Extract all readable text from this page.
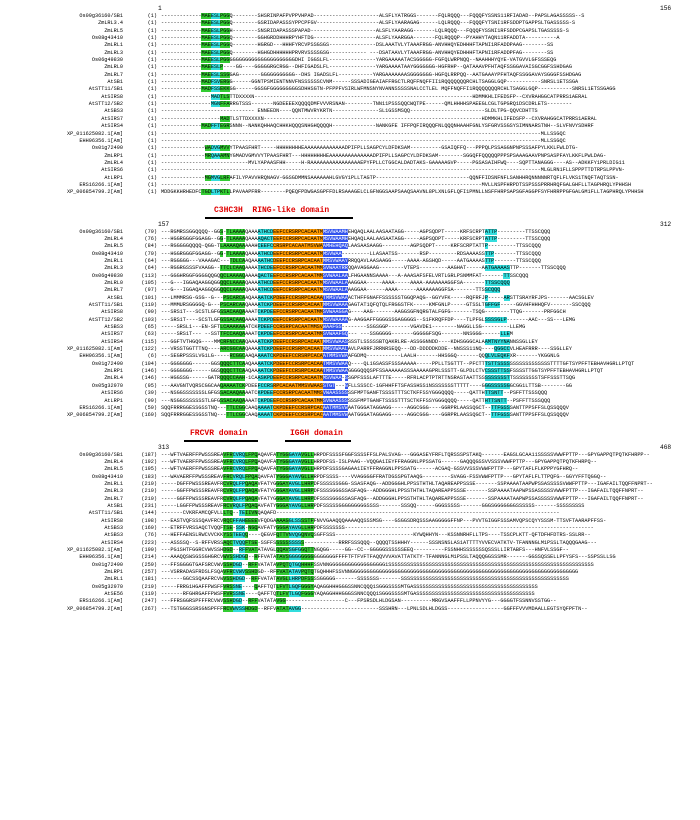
1	156
Os09g36160/SB1	(1) -------------MAEESLPGGQ--------SHSRINPAFPVPPVHPAD---------------------ALSFLYATRGGS-------FQLRQQQ---FQQQFYSSNS11RFIADAD--PAPSLAGASSSSS--S
ZmLRL3.4	(1) -------------MAEESLPGGQ--------GSRIDAPASSSYPPCPFGV--------------------ALSFLYAARAGAG------LQLRQQQ---FQQQFYTSNI1RFSDDPTGAPPSLTGASSSSS-S
ZmLRL5	(1) -------------MAEESLPGGH--------SNSRIDAPASSSPAPAD---------------------ALSFLYAARAGG-------LQLRQQQ---FQQQFYSSNI1RFSDDPCGAPSLTGASSSSS-S
Os08g43410	(1) -------------MAEESLPGGQ--------GGHGRDDHHHRPYHFTDG--------------------ALSFLYAARGGA-------FQLRQQQP--PYAHHYTAQN11RFADDTA----------A
ZmLRL1	(1) -------------MAEESLPGGQ--------HGRGD---HHHFYRCVPSSGSGS---------------DSLAAATVLYTAAAFRGG-ANVHHQYEDHHHFTAPNI1RFADDPAAG--------SS
ZmLRL3	(1) -------------MAEESLPGGQ--------HGHGDHHHHHHPRVRVSSSSGSG------------ ---DSATAAVLYTAAAFRGG-ANVHHQYEDHHHFTAPNI1RFADDPFAG--------SS
Os06g49830	(1) -------------MAEESLPGGGGGGGGGGGGGGGGGGGGGGGDHI IGGSLFL---------------YARGAAAAATACSGGGGG-FGFQLWRPNQQ--NAAHHHYQYE-VATGVVLGFSSSEQG
ZmLRL0	(1) -------------MAEESLP----GG----GGGGGRGCRGG--DHFIGADSLFL---------------YARGAAAATAAYGGGGGGG-HGFRHP--QATAAAVPFHTAQFSSGGAVAISGCGGFSSHDGAG
ZmLRL7	(1) -------------MAEESLSSGGAG-------GGGGGGGGGGG--DHS IGADSLFL-----------YARGAAAAAAASGGGGGGG-HGFQLRRPQQ--AATGAAAYPFHTAQFSSGGAVAYSGGGFSSHDGAG
AtSB1	(1) -------------MADFSVERGG------GGNTPSMIENTNNVFNSSSSSSCVNM------SSSADIGEAIAFFRGCTLRQFFNQFFII1RQQQQQQQRCHLTSAGGLGQP-----------SNRSL1ETSSGA
AtSTT11/SB1	(1) -------------MADFSSEKKGG------GGSGFGGGGGGGGGSDHHSGTN-PFPPFVSIRLWFMNSNYNVANNSSSSSNALCCTLEL MQFFNQFFI1RQQQQQQQRCHLTSAGGLGQP-----------SNRSL1ETSSGAGG
AtSIRS8	(1) ----------------MADTLSTTDXXXXN----------------------------------------------------------------------HDMMKHLIFEDSFP--CXVRAHGGCATPRRS1AERAL
AtSTT12/SB2	(1) ----------------MGNFFARRGTSSS-------NGDEEEEXQQQQDMFVVVRSNAN---------TNN11PSSSQQCWQTPE------QMLHHHHSPAEEGLCGLTGPGRQ1DSCDRLETS--------
AtSBS3	(1) ------------------------------ ENNEEDN----QQNTMWVRYKRTN---------------SL1GSSMSQQ------------------------SLDLTPG-QQVCDHTTS
AtSIRS7	(1) -------------------MADTLSTTDXXXXN----------------------------------------------------------------------HDMMKHLIFEDSFP--CXVRAHGGCATPRRS1AERAL
AtSIRS4	(1) -------------MADFFTEGRSNNN--NANKQHHAQCHHKHQQQSNHGHQQQQH--------------NANKGFE IFFPQFIRQQQFNLQQQNHAAHFGNLYSFGRVSSGSYSIMNNARSTNH--SLVFNVYSDHRF
XP_011625082.1[Am]	(1) --------------------------------------------------------------------------------------------------------------------------MLLSSGQC
EHH96356.1[Am]	(1) --------------------------------------------------------------------------------------------------------------------------MLLSSGQC
Os01g72490	(1) --------------WADVGMVVYTPAASFHRT-----HHHHHHHHEAAAAAAAAAAAAADPIFPLLSAGPCYLDFDKSAM----------GSAIQFFQ---PPPQLPSSAGGNPNPSSSAFPYLKKLFWLDTG-
ZmLRP1	(1) --------------MRQAAAMNYGMADVGMVVYTPAASFHRT---HHHHHHHHEAAAAAAAAAAAAAADPIFPLLSAGPCYLDFDKSAM--------SGGQFFQQQQQPPPSPSAAAGAAVPNPSASPFAYLKKFLPWLDAG-
ZmLRL4	(1) ----------------------------MVLYAPAASFHH-----H-RAAAAAAAAAAAAAAAAEPYFPLLCTGGCALDADTAKS-GAAAAAGVP-----PGSASAIHFWQ----SQPTTANAGGG----AS--ADKKFY1PRLDIG11
AtSIRS6	(1) --------------------------------------------------------------------------------------------------------------------------MLGLRN1FLLSPPPTTDTRPSLPPVN-
AtLRP1	(1) --------------MGMVGLRFAFILYPAVVHRQNAGV-GGSGDMMNSAAAAAAHLGVGY1PLLTAGTP------------------------------QQNFFIDSNFNFLSANHHRQNNNNNRTQFLFLVKS1TNQFTAQTSSN-
ERS16266.1[Am]	(1) -------------------------------------------------------------------------------------------------------MVLLNSPFHRPDTSSPSSSPRRHRQFGALGHFLLTAGPHRQLYPHHSH
XP_006854799.2[Am]	(1) MDDGKKHRHEDFCTGDLTPKTLLPAVAAPFRR--------PQEQFPDWGASGPFFDLRSAAAGELCLGFNGGSAAPSAAQSAAVNL8PLXNLGFLQFI1PMNLLNSFFHRPSAPSGFAGGPFSYFHRRPPGFGALGM1FLLTAGPHRQLYPHHSH
C3HC3H  RING-like domain
157	312
Os09g36160/SB1	(79) ---RGMRSSGGQQQQ--GGS-TLAAAAQAAAATHCDEEFCCRSRPCACAATMMSVWAAMHEHQAQLAALAASAATAGG-----AGPSQDPT-----KRFSCRPTATTP---------TTSSCQQQ
ZmLRL4	(76) ---HGGRGGGFGGAGG--GG-TLAAAAQAAAAQACTEEFCCRSRPCACAATMMSVWAAMHEHQAQLAALAASAATAGG-----AGPSQDPT-----KRFSCRPTATTP---------TTSSCQQQ
ZmLRL5	(84) ---RGGGGGQQQQ-QGG-TLAAAAQAAAAAHCEEFCCRSRPCACAATMSVWAAMHEHQAQLAASAASAAGG---------AGPSQDPT-----KRFSCRPTATTP---------TTSSCQQQ
Os08g43410	(70) ---HGGRGGGFGGAGG--GG-TLAAAAQAAAATHCDEEFCCRSRPCACAATMMSVWAA---------LLASAATSS-------RSP---------RDSAAAASSTTP-------TTSSCQQQ
ZmLRL1	(64) ---RGGGGG---VAAAGAC---TDLCAAQAAAATHCDEEFCCRSRPCACAATMMSVWAAYRRQQAVLAASAAGG-----AAAA-AGSHQD-----AATGAAAASTTP-------TTSSCQQQ
ZmLRL3	(64) ---RGGRGSSSFVAAGG--TTCLCAAQAAAATHCDEEFCCRSRPCACAATMMSVWAAYRRQQAVAGGAAG--------VTEPS---------AAGHAT-----AATGAAAASTTP-------TTSSCQQQ
Os06g49830	(113) ---GGGHRGGFGGGGQQGQQCLAAAAQAAAAQACTEEFCCRSRPCACAATMMSVWAALAALFHGAANNSAAAA---A-AAASAFSFELVRTLGRLPSNMMFAT-------TTSSCQQQ
ZmLRL0	(105) ---G---IGGAQAAGGQGGQQCLAAAAQAAAATHCDEEFCCRSRPCACAATMMSVWAALAAAGGAA-----AAAA-----AAAA-AAAAAAAGGFSA-------TTSSCQQQ
ZmLRL7	(97) ---G---IGGAQAAGGQGGQQCLAAAAQAAAATHCDEEFCCRSRPCACAATMMSVWAALAAAGGAA------AAAA------AAAAAAAGGFSA-------TTSSCQQQ
AtSB1	(101) ---LMMMRSG-GSG--G---PSCARCAAQAAAATCKPDEEFCCRSRPCACAATMMSVWAAACTHFFGNAFFSSSSSSTGGQPAQG--GGYVFK-----RQFRFJP-----ARSTTSRAYRFJPS-------AACSGLEV
AtSTT11/SB1	(110) ---MMMURSGGGGQ-G---PSCARCAAQAAAATCKPDEEFCCRSRPCACAATMMSVWAAAGAGTAT1QFQTQLFRGGSTFK-----KMFGNLP-----GTSSLTGFFGF-----GGVHFHHHQFV-------SSCQQQ
AtSIRS8	(90) ---SRS1T---SCSTLGFGSSACAAQAAAATCKPDEEFCCRSRPCACAATMMSVWAAGGAG----AAG-------AAGGSGFNQRGTALFGFG-------TSQG--------TTQG-------PRFGGCH
AtSTT12/SB2	(103) ---SRS1T----SCSTLGFGSSACAAQAAAATCKPDEEFCCRSRPCACAATMMSVWAAAAG-AAGGAFFGGGGSSGAGGGGS--S1FKRQFFDP----TLPFGLSSSSGLP-------AAC---SS---LEMG
AtSBS3	(65) -----SRSL1---EN-SFTLCAAAKAAATCKPDEEFCCRSRPCACAATMMSVWAAFGS--------SSGSGGP-------VGAVDE1--------NAGGLLSG---------LLEMG
AtSIRS7	(63) -----SRS1T--- --SSTTFCCAAQAAAATCKPDEEFCCRSRPCACAATMMSVWAAFGQ--- ---SSGGGGG-------GGGGGFSQG-------NNSGGG------LLEM
AtSIRS4	(115) ---GGFTVTHGQG----MMCRFNCCAAQAAAATCKPDEEFCCRSRPCACAATMMSVWAASSSSTLSSSSSBTQAKRLRE-ASSGGNNDD----KDHSGGGCALAAMTNYYNANNSSGLLEY
XP_011625082.1[Am]	(122) ---VRSSTGGTTTNQ----ARCGGCAAQAAAATCKPDEEFCCRSRPCACAATMMSVWAALAVLPARRFJRRNRSEQQ---DD-DDDDDKDDE--NNSSS11NQ----QGGCCVLHEAFRRR----SSGLLEY
EHH96356.1[Am]	(6) ---SEGRPSSSLVG1LG-----RCGGCAAQAAAATCKPDEEFCCRSRPCACAATMMSVWAAFGDMQ-----------LAALH-------HHSGGQ-------QQQLVLEQKFXR-------YKGGNLG
Os01g72490	(104) ---GGGGGGG------GGSQQQCTTCAAQAAAATCKPDEEFCCRSRPCACAATMMSVWAAQ----QL1GSASSFSSSAAAAA-----PPLLTSGTTT--PFCTTTSTTSSSSSSSSSSSSSSSSSTTTTGFTSYPFFTEBHAVHGRLLPTQT
ZmLRP1	(146) ---GGGGGGG------GGSQQQCTTCAAQAAAATCKPDEEFCCRSRPCACAATMMSVWAAGGGGQQQSPFSSAAAAAASSSAAAAAGPRLSSSTT-GLPDLCTVCSSSTTSSFSSSSTTGGTSYPFFTEBHAVHGRLLPTQT
ZmLRL4	(146) ---HGGSSG------GATRQQQCCAAH-1CAASKPDEEFCCRSRPCACAATMMSVWAA-SSGPFSSSLAFTTTE-----RFRLACPTPTRTTNSRASTAATTSSSSSSSSSTTSSSSSSSSTSFFSSSTTSQG
Os05g32970	(95) ---AAVGNTVQRSCGGCAAQAAAATCKPDEEFCCRSRPCACAATMMSVWAASSTGT---GFLLSSSCC-1GFHHFFTSFASSHSS1NSSSSSSSTTTTT----GGGSSSSSGGCGG1LTTSB--------GG
AtSIRS6	(39) ---NSGGSSSSSSSLGFGSSACAAQAAAATCKPDEEFCCRSRPCACAATMMSVWAASSSSSSFMPTGANFTSSSSTTTSCTKFFSSYGGGQQQQ-----QATTHTTSNTT--PSFFTTSSSQQQ
AtLRP1	(99) ---NSGGSSSSSSSTLGFGSSACAAQAAAATCKPDEEFCCRSRPCACAATMMSVWAASSSSSSFMPTGANFTSSSSTTTSCTKFFSSYGGGQQQQ-----QATTHTTSNTT--PSFFTTSSSQQQ
ERS16266.1[Am]	(50) SQQFRRRGGESSGSSTNQ---TTLCGGCAAQAAAATCKPDEEFCCRSRPCACAATMMSVWAATGGGATAGGAGG-----AGGCGGG----GGRPRLAASSQGCT--TTFGSSSANTTPPSFFSLQSSQQQV
XP_006854799.2[Am]	(160) SQQFRRRGGESSGSSTNQ---TTLCGGCAAQAAAATCKPDEEFCCRSRPCACAATMMSVWAATGGGATAGGAGG-----AGGCGGG----GGRPRLAASSQGCT--TTFGSSSANTTPPSFFSLQSSQQQV
FRCVR domain	IGGH domain
313	468
Os09g36160/SB1	(187) ---WFTVAERFFPWSSSREAVFRCVRQLFPQAQAVFATYGGGAYAVGLLHRPDFSSSSFGGFSSSSFFSLPALSVAG---GGGASEYFRFLTQRSSSPSTAKQ-------EAGSLGCAA11SSSSSVWWFPTTP---GPYGAPPQTPQTKFHRPP--
ZmLRL4	(192) ---WFTVAERFFPWSSSREAVFRCVRQLFPQAQAVFATYGGGAYAVGLLHRPDFSS-ISLPAAG--VQQGA1IEYFFRAGGNLPPSSATG------GAQQQGSSVVSSSVWWFPTTP---GPYGAPPQTPQTKFHRPQ--
ZmLRL5	(195) ---WFTVAERFFPWSSSREAVFRCVRQLFPQAQAVFATYGGGAYAVGLLHRPDFSSSSGAGAA1IEYFFRAGGNLPPSSATG------ACGAQ-GSSVVSSSVWWFPTTP---GPYTAFLFLKPPPYGFHRQ--
Os08g43410	(183) ---WAVAERFFPWSSSREAVFRCVRQLFPQAQAVFATYGGGAYAVGLLHRPDFSSSS----VVAGGGGFFRATDGSSPGTAAQG---------SVAGG-FSSVWWFPTTP---GPYTAFLFLTTPQFG--GGYYFFTQGGQ--
ZmLRL1	(210) -----DGFFPWSSSREAVFRCVRQLFPQAQAVFATYGGGAYAVGLLHRPDFSSSSSSGGG-SSASFAQG--ADDGGGHLPPSSTHTHLTAQAREAPPSSSE-------SSPAAAATAAPWPSSASSSSSVWWFPTTP---IGAFAILTQQFFNPRT--
ZmLRL3	(210) -----GGFFPWSSSREAVFRCVRQLFPQAQAVFATYGGGAYAVGLLHRPDFSSSSGGGSSASFAQG--ADDGGGHLPPSSTHTHLTAQAREAPPSSSE-------SSPAAAATAAPWPSSASSSSSVWWFPTTP---IGAFAILTQQFFNPRT--
ZmLRL7	(210) -----GGFFPWSSSREAVFRCVRQLFPQAQAVFATYGGGAYAVGLLHRPDFSSSSGGGSSASFAQG--ADDGGGHLPPSSTHTHLTAQAREAPPSSSE-------SSPAAAATAAPWPSSASSSSSVWWFPTTP---IGAFAILTQQFFNPRT--
AtSB1	(231) -----LGGFFPWSSSREAVFRCVRQLFPQAQAVFATYGGGAYAVGLLHRPDFSSSSSGGGGGGGGGSSSS-------SSSQQ------GGGSSSSS-------GGGSGGGGGGGSSSSSS-------SSSSSSSSS
AtSTT11/SB1	(144) -------CVKRFAMCQFVLLLTQ--TEIIVNQAQAFD-------------------------------------------------------------------------------------------
AtSIRS8	(198) ---EASTVQFSSSQAVFRCVRQCFFAHEEEEVFQDGAAAAGGLSSSSTFFNVVGAAQQQAAAAQQSSSMSG----GSGGSDRQSSSAAGGGGGFFNP---PVVTGIGGFSSSAMVQPSCQYYSSSM-TTSVFTAARAPFFSS-
AtSBS3	(160) ---ETRFFVRSSAQCTVQQFTSE-SSK-NGQAVFATYGGGAYAVGLLHRPDFSSSSSSS--------------------------------------------------------------------------------
AtSBS3	(76) ---HEFFAENSLRWCVVCKKYSSTEEQQ----QEGVFQTTVNVQGQNVQSGFFSSS-------------------------KYWQHHYN---KSSNNRHFLLTPS----TSSCPLKTT-QFTDFHFDTRS-SSLRR--
AtSIRS4	(223) ---ASSSSQ--S-RFFVRSSAQCTVQQFTSE-SSFFSSSSSSSSSS-----------RRRFSSSQQQ--QQQQTSSHHHY------SSSNSNSLAS1ATTTTYVVECVATKTV-TFANNNGLM1PSSLTAQQQGAAG---
XP_011625082.1[Am]	(190) ---PG1SHTFGGRCVWVSSHDGD--RFFVATATAVGLQQAVSGFGGQTTNGQGG-----GG--CC--GGGGGSSSSSSEEQ----------FSSNHHSSSSSSSQSSSLLIRTABFS---HNFVLSSGF--
EHH96356.1[Am]	(214) ---AAAQQSWSGSSGHGRCVWVSSHDGD--RFFVATATAVSGGGGGGGGGGGGGGGFFFFTFTFVFTFAQQVVVAVATTATKTY-TFANNNGLM1PSSLTAQQQGGSSSMR-------GGSSQSSELLPFYSFS---SSPSSLLSG
Os01g72490	(259) ---FFSGGGGTGAFSRCVWVSSHDGD--RFFVATATAVPQTQTGQHHHFSSVNNGGGGGGGGGGGGGGGGGG1SSSSSSSSSSSSSSSSSSSSSSSSSSSSSSSSSSSSSSSSSSSSSSSSSSSSSSSSSSSSSSSSSS
ZmLRP1	(257) ---VSRRADASFRDSLFSQAVFRCVWVSSHDGD--RFFVATATAVPQTQTGQHHHFSSVNNGGGGGGGGGGGGGGGGGGGGGGGGGGGGGGGGGGGGGGGGGGGGGGGGGGGGGGGGGGGGGGGGGGGGGGGGG
ZmLRL1	(181) -------GGCSSQAAFRCVWVSSHDGD--RFFVATATAVGLLHRPDFSSSSGGGGG-------SSSSSSS-------SSSSSSSSSSSSSSSSSSSSSSSSSSSSSSSSSSSSSSSSSSSSSSSSSSSSSS
Os05g32970	(219) -----FRRG1HGAFFPWSFFVRSSNE----QAFFTQTLFVTLGQFGGGYAQAGGHHHGGGSSNNCQQQ1SGGGSSSSMTGASSSSSSSSSSSSSSSSSSSSSSSSSSSSSSSSSSSSSSSS
AtSE56	(119) -------RFGHRGAFFPWSFFVRSSNE----QAFFTQTLFVTLGQFGGGYAQAGGHHHGGGSSNNCQQQ1SGGGSSSSMTGASSSSSSSSSSSSSSSSSSSSSSSSSSSSSSSSSSSSSS
ERS16266.1[Am]	(247) ---FFRSGGRSPFFFRCVWVSSHDGD--RFFVATATAVGG-------------------C---FPSRSDLHLDGSAN----------MRGVSAAFFFLLPPNVYYG---GGGGTFSSNNVSSTGG--
XP_006854799.2[Am]	(267) ---TSTGGGSSRSGNSPFFFRCVWVSSHDGD--RFFVATATAVGG-------------------------SSSHRN---LPNLSDLHLDGSS------------------GGFFFVVVMDAALLEGTSYQFPFTN--
